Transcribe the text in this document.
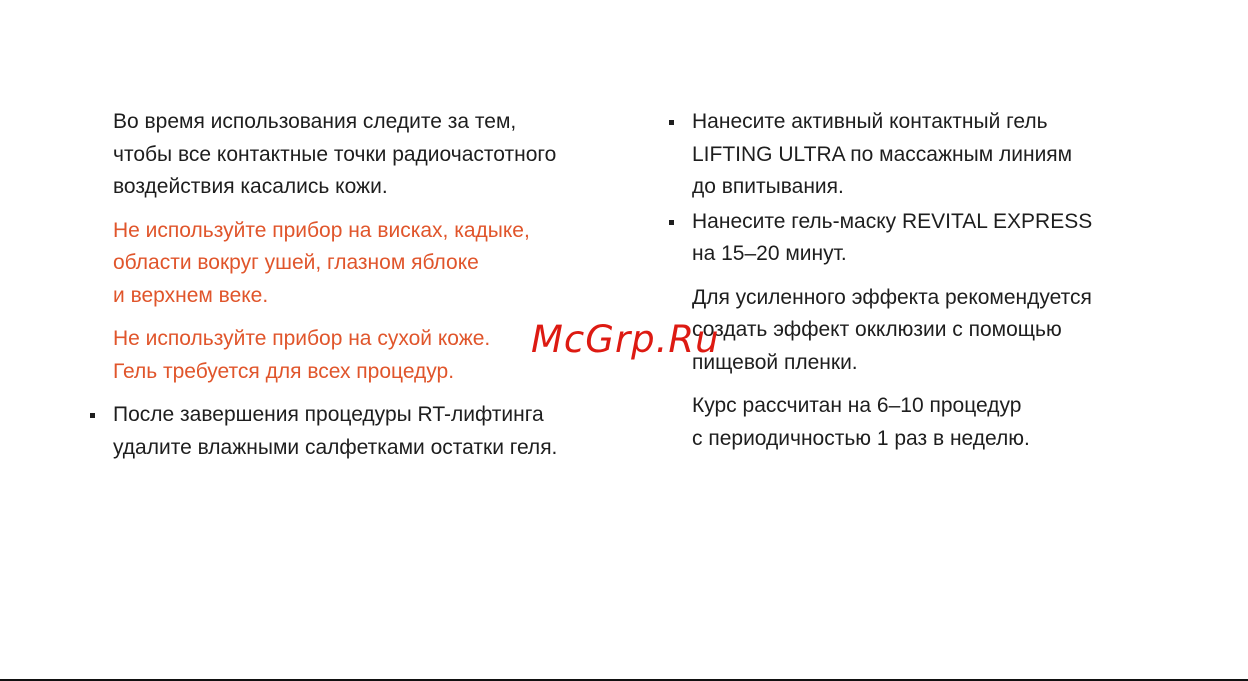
Во время использования следите за тем,
чтобы все контактные точки радиочастотного
воздействия касались кожи.

Не используйте прибор на висках, кадыке,
области вокруг ушей, глазном яблоке
и верхнем веке.

Не используйте прибор на сухой коже.
Гель требуется для всех процедур.

После завершения процедуры RT-лифтинга
удалите влажными салфетками остатки геля.

Нанесите активный контактный гель
LIFTING ULTRA по массажным линиям
до впитывания.

Нанесите гель-маску REVITAL EXPRESS
на 15–20 минут.

Для усиленного эффекта рекомендуется
создать эффект окклюзии с помощью
пищевой пленки.

Курс рассчитан на 6–10 процедур
с периодичностью 1 раз в неделю.

McGrp.Ru
